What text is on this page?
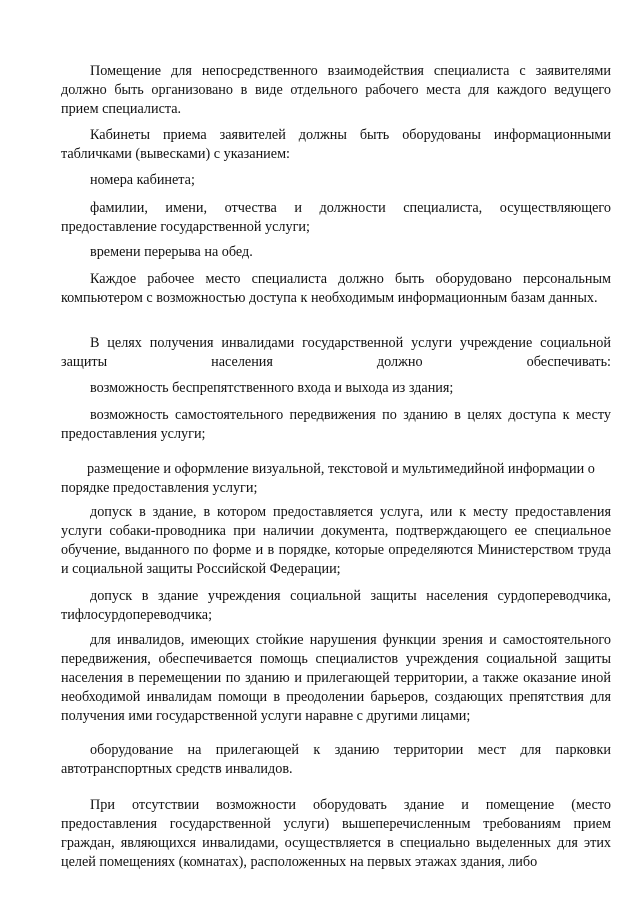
Помещение для непосредственного взаимодействия специалиста с заявителями должно быть организовано в виде отдельного рабочего места для каждого ведущего прием специалиста.

Кабинеты приема заявителей должны быть оборудованы информационными табличками (вывесками) с указанием:

номера кабинета;

фамилии, имени, отчества и должности специалиста, осуществляющего предоставление государственной услуги;

времени перерыва на обед.

Каждое рабочее место специалиста должно быть оборудовано персональным компьютером с возможностью доступа к необходимым информационным базам данных.

В целях получения инвалидами государственной услуги учреждение социальной защиты населения должно обеспечивать:

возможность беспрепятственного входа и выхода из здания;

возможность самостоятельного передвижения по зданию в целях доступа к месту предоставления услуги;

размещение и оформление визуальной, текстовой и мультимедийной информации о порядке предоставления услуги;

допуск в здание, в котором предоставляется услуга, или к месту предоставления услуги собаки-проводника при наличии документа, подтверждающего ее специальное обучение, выданного по форме и в порядке, которые определяются Министерством труда и социальной защиты Российской Федерации;

допуск в здание учреждения социальной защиты населения сурдопереводчика, тифлосурдопереводчика;

для инвалидов, имеющих стойкие нарушения функции зрения и самостоятельного передвижения, обеспечивается помощь специалистов учреждения социальной защиты населения в перемещении по зданию и прилегающей территории, а также оказание иной необходимой инвалидам помощи в преодолении барьеров, создающих препятствия для получения ими государственной услуги наравне с другими лицами;

оборудование на прилегающей к зданию территории мест для парковки автотранспортных средств инвалидов.

При отсутствии возможности оборудовать здание и помещение (место предоставления государственной услуги) вышеперечисленным требованиям прием граждан, являющихся инвалидами, осуществляется в специально выделенных для этих целей помещениях (комнатах), расположенных на первых этажах здания, либо
